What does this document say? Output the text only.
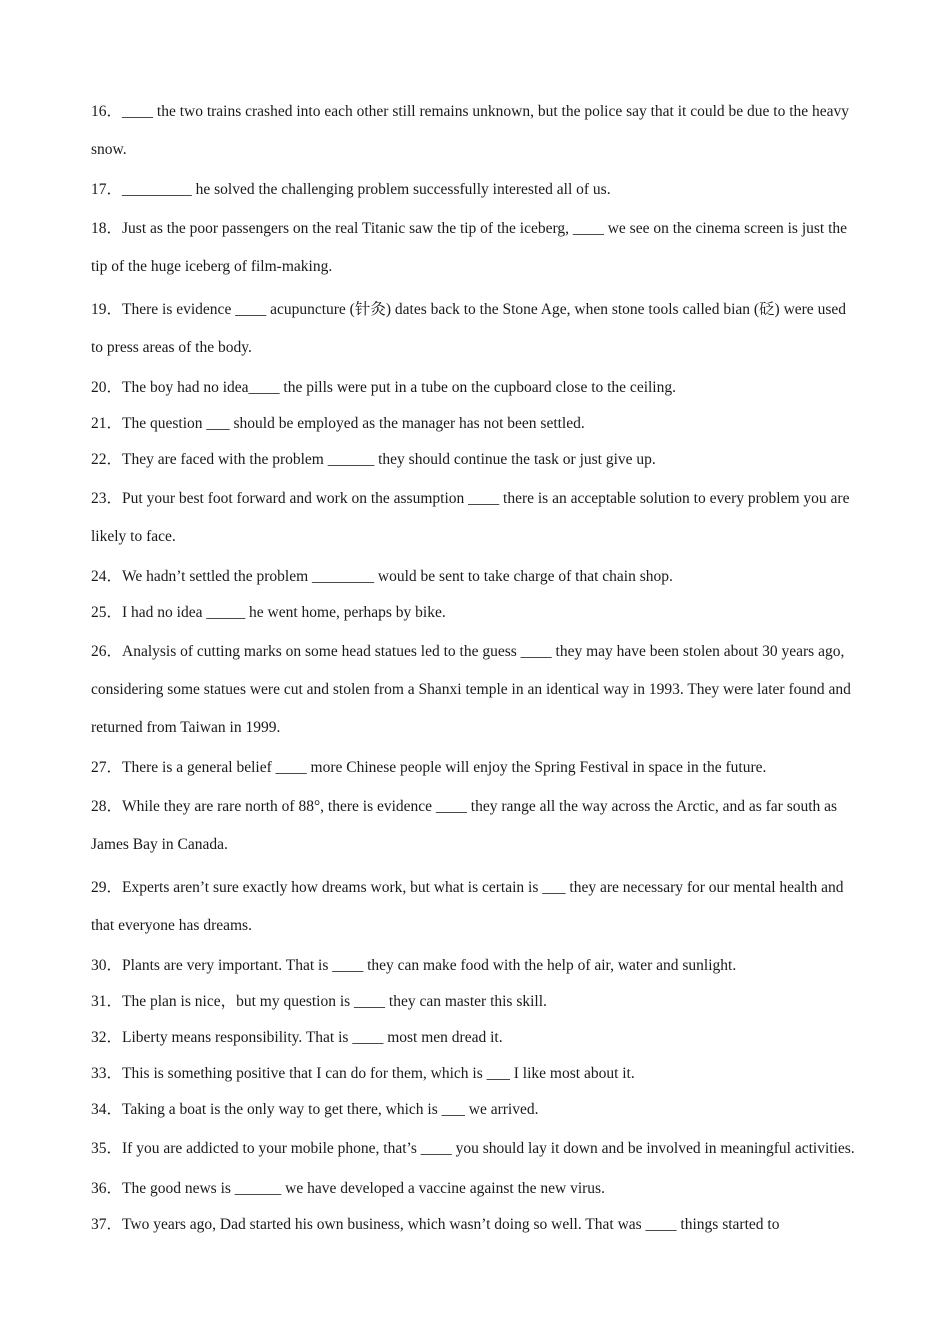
16．____ the two trains crashed into each other still remains unknown, but the police say that it could be due to the heavy snow.

17．_________ he solved the challenging problem successfully interested all of us.

18．Just as the poor passengers on the real Titanic saw the tip of the iceberg, ____ we see on the cinema screen is just the tip of the huge iceberg of film-making.

19．There is evidence ____ acupuncture (针灸) dates back to the Stone Age, when stone tools called bian (砭) were used to press areas of the body.

20．The boy had no idea____ the pills were put in a tube on the cupboard close to the ceiling.

21．The question ___ should be employed as the manager has not been settled.

22．They are faced with the problem ______ they should continue the task or just give up.

23．Put your best foot forward and work on the assumption ____ there is an acceptable solution to every problem you are likely to face.

24．We hadn’t settled the problem ________ would be sent to take charge of that chain shop.

25．I had no idea _____ he went home, perhaps by bike.

26．Analysis of cutting marks on some head statues led to the guess ____ they may have been stolen about 30 years ago, considering some statues were cut and stolen from a Shanxi temple in an identical way in 1993. They were later found and returned from Taiwan in 1999.

27．There is a general belief ____ more Chinese people will enjoy the Spring Festival in space in the future.

28．While they are rare north of 88°, there is evidence ____ they range all the way across the Arctic, and as far south as James Bay in Canada.

29．Experts aren’t sure exactly how dreams work, but what is certain is ___ they are necessary for our mental health and that everyone has dreams.

30．Plants are very important. That is ____ they can make food with the help of air, water and sunlight.

31．The plan is nice，but my question is ____ they can master this skill.

32．Liberty means responsibility. That is ____ most men dread it.

33．This is something positive that I can do for them, which is ___ I like most about it.

34．Taking a boat is the only way to get there, which is ___ we arrived.

35．If you are addicted to your mobile phone, that’s ____ you should lay it down and be involved in meaningful activities.

36．The good news is ______ we have developed a vaccine against the new virus.

37．Two years ago, Dad started his own business, which wasn’t doing so well. That was ____ things started to
